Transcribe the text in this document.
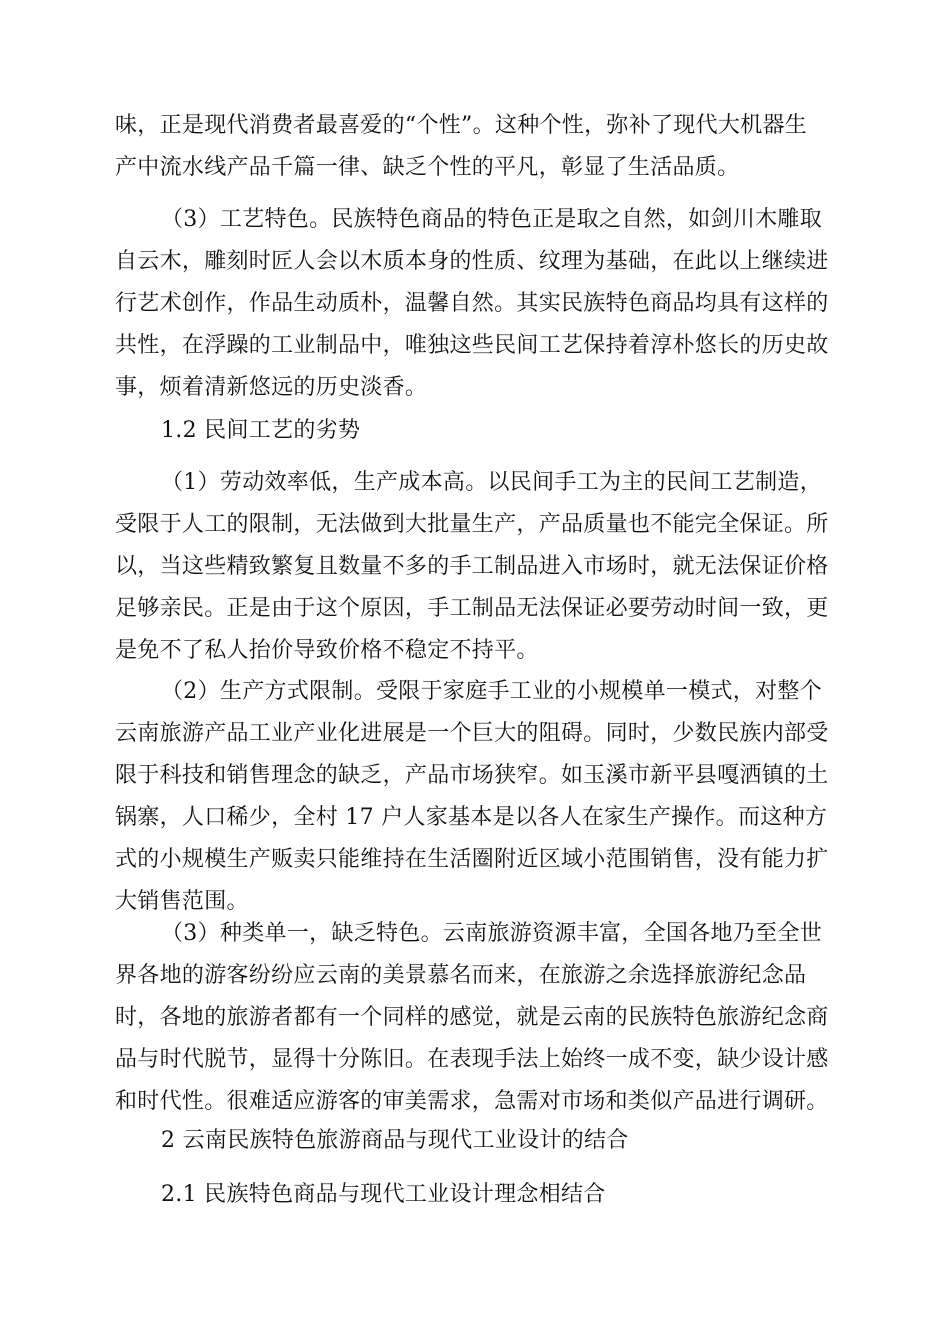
味，正是现代消费者最喜爱的“个性”。这种个性，弥补了现代大机器生
产中流水线产品千篇一律、缺乏个性的平凡，彰显了生活品质。
（3）工艺特色。民族特色商品的特色正是取之自然，如剑川木雕取
自云木，雕刻时匠人会以木质本身的性质、纹理为基础，在此以上继续进
行艺术创作，作品生动质朴，温馨自然。其实民族特色商品均具有这样的
共性，在浮躁的工业制品中，唯独这些民间工艺保持着淳朴悠长的历史故
事，烦着清新悠远的历史淡香。
1.2 民间工艺的劣势
（1）劳动效率低，生产成本高。以民间手工为主的民间工艺制造，
受限于人工的限制，无法做到大批量生产，产品质量也不能完全保证。所
以，当这些精致繁复且数量不多的手工制品进入市场时，就无法保证价格
足够亲民。正是由于这个原因，手工制品无法保证必要劳动时间一致，更
是免不了私人抬价导致价格不稳定不持平。
（2）生产方式限制。受限于家庭手工业的小规模单一模式，对整个
云南旅游产品工业产业化进展是一个巨大的阻碍。同时，少数民族内部受
限于科技和销售理念的缺乏，产品市场狭窄。如玉溪市新平县嘎洒镇的土
锅寨，人口稀少，全村 17 户人家基本是以各人在家生产操作。而这种方
式的小规模生产贩卖只能维持在生活圈附近区域小范围销售，没有能力扩
大销售范围。
（3）种类单一，缺乏特色。云南旅游资源丰富，全国各地乃至全世
界各地的游客纷纷应云南的美景慕名而来，在旅游之余选择旅游纪念品
时，各地的旅游者都有一个同样的感觉，就是云南的民族特色旅游纪念商
品与时代脱节，显得十分陈旧。在表现手法上始终一成不变，缺少设计感
和时代性。很难适应游客的审美需求，急需对市场和类似产品进行调研。
2 云南民族特色旅游商品与现代工业设计的结合
2.1 民族特色商品与现代工业设计理念相结合
